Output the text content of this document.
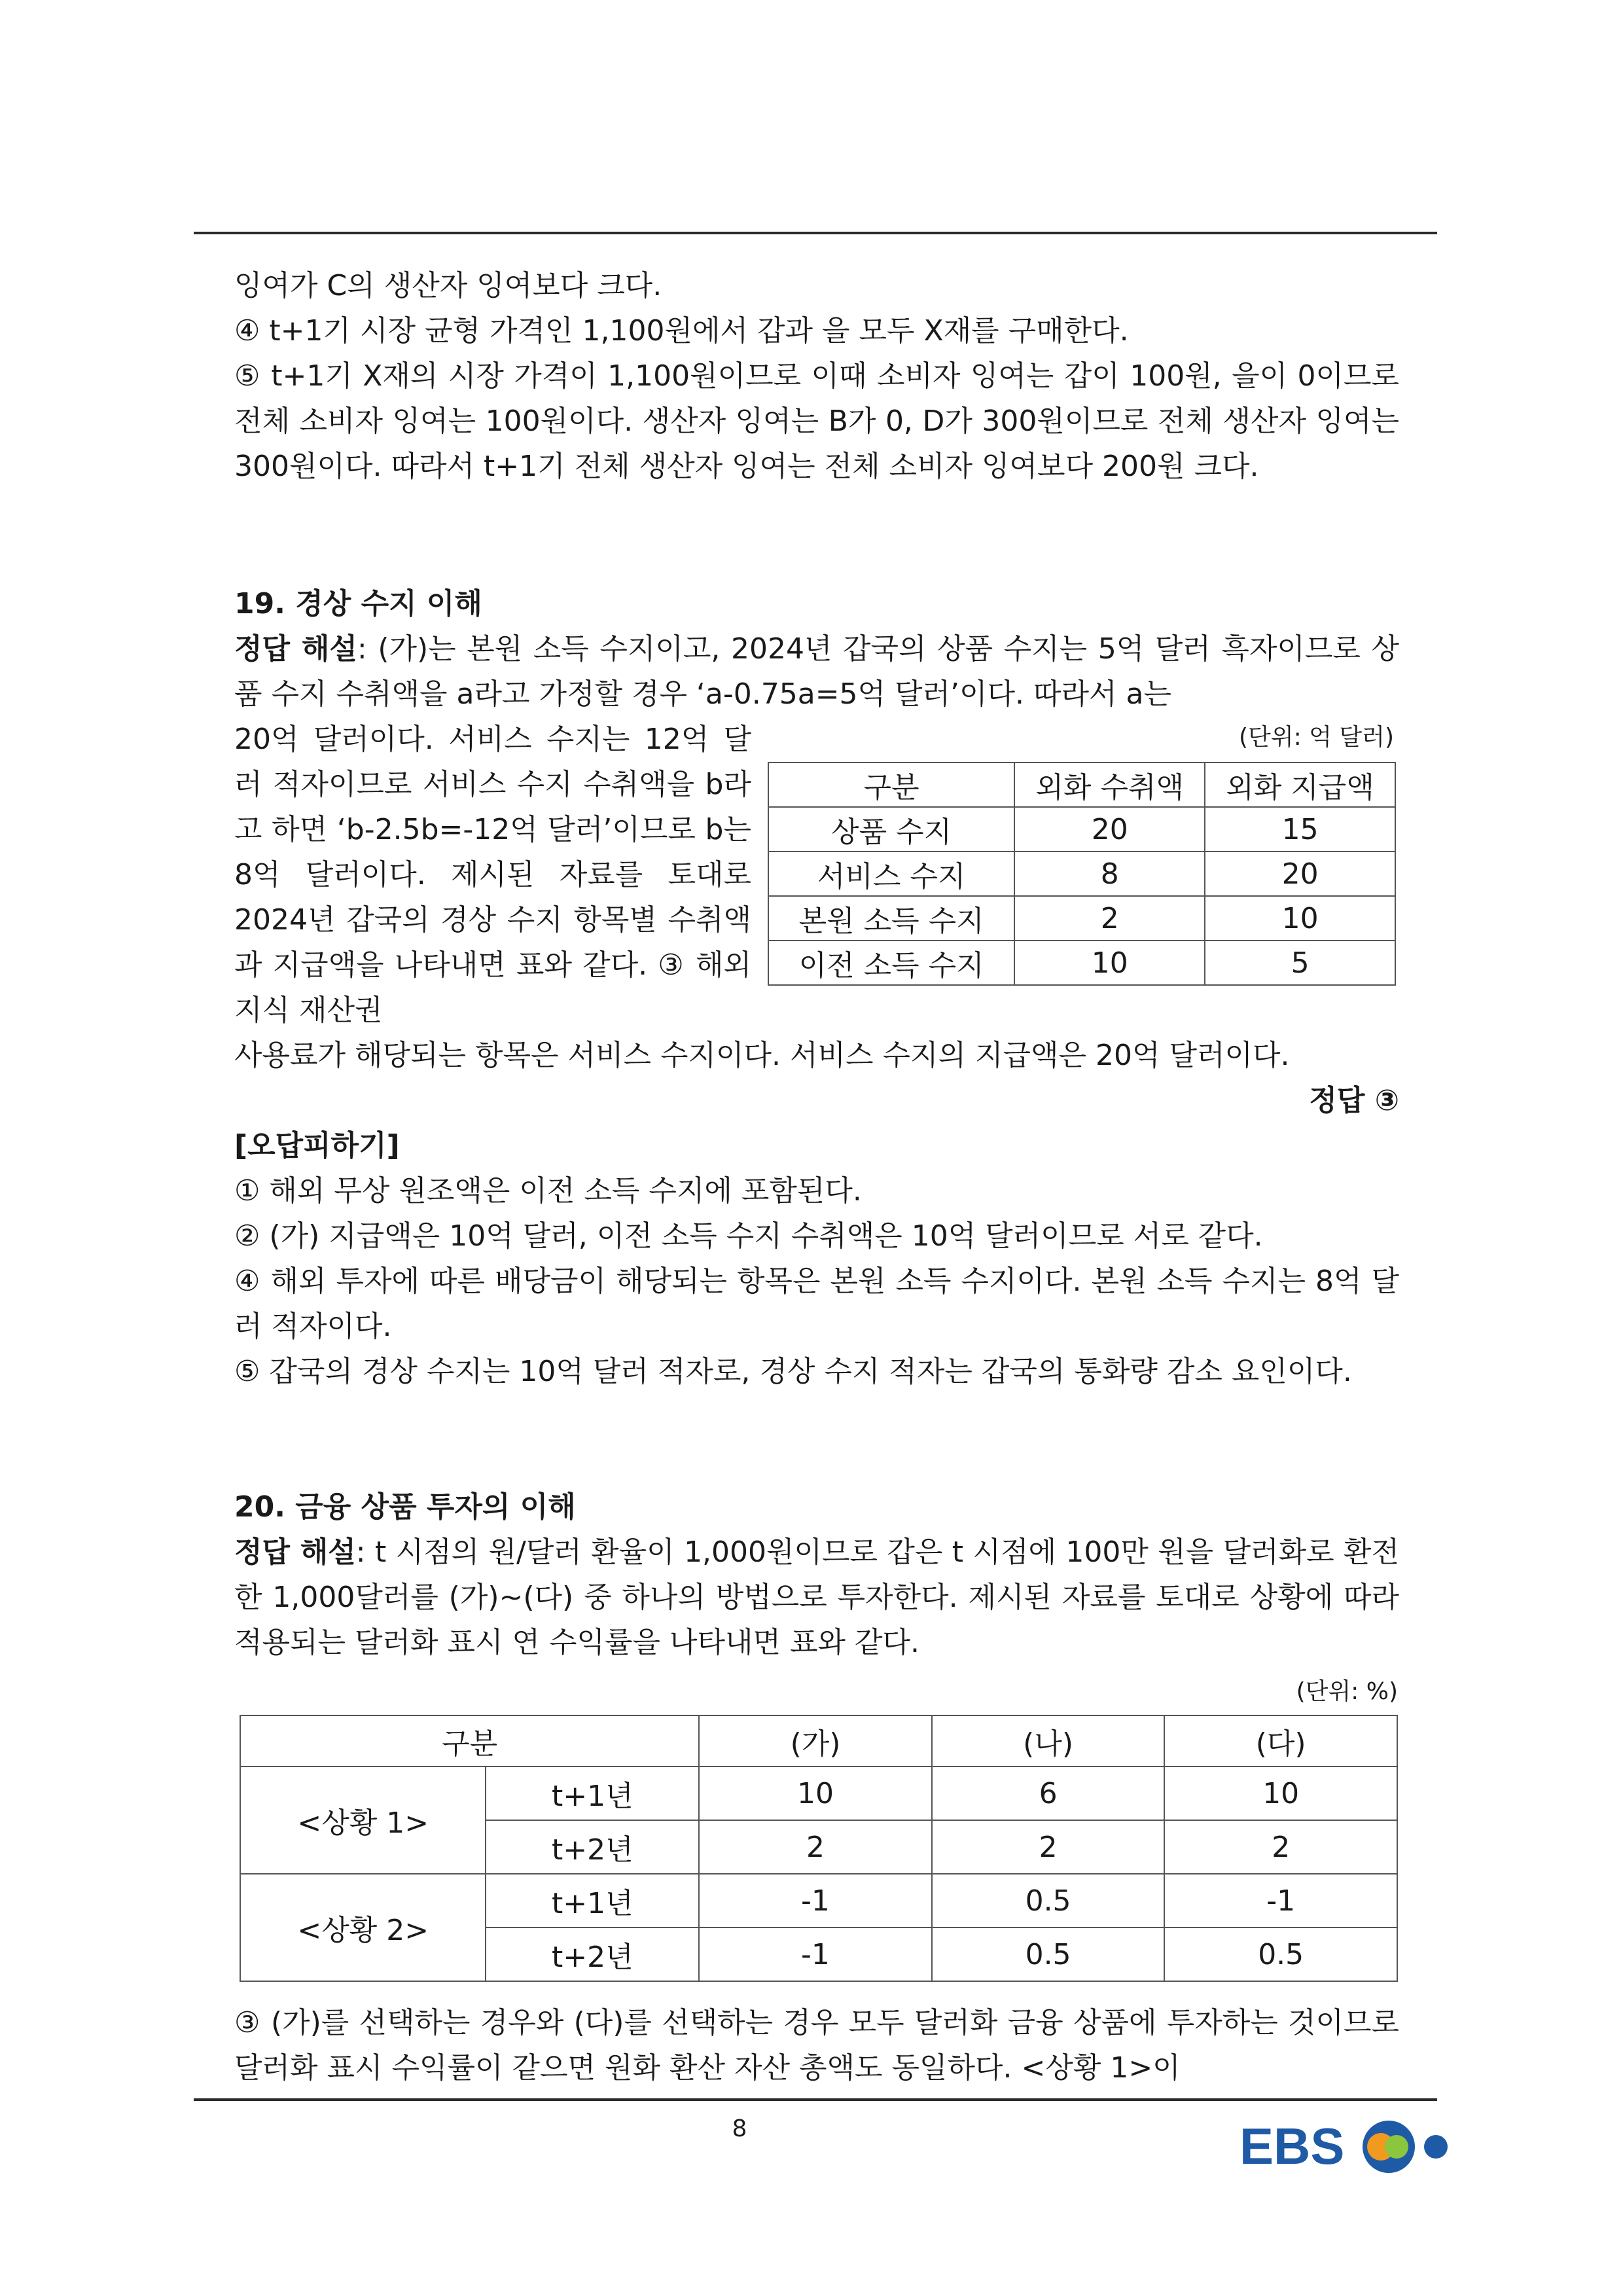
잉여가 C의 생산자 잉여보다 크다.
④ t+1기 시장 균형 가격인 1,100원에서 갑과 을 모두 X재를 구매한다.
⑤ t+1기 X재의 시장 가격이 1,100원이므로 이때 소비자 잉여는 갑이 100원, 을이 0이므로 전체 소비자 잉여는 100원이다. 생산자 잉여는 B가 0, D가 300원이므로 전체 생산자 잉여는 300원이다. 따라서 t+1기 전체 생산자 잉여는 전체 소비자 잉여보다 200원 크다.
19. 경상 수지 이해
정답 해설: (가)는 본원 소득 수지이고, 2024년 갑국의 상품 수지는 5억 달러 흑자이므로 상품 수지 수취액을 a라고 가정할 경우 ‘a-0.75a=5억 달러’이다. 따라서 a는
20억 달러이다. 서비스 수지는 12억 달러 적자이므로 서비스 수지 수취액을 b라고 하면 ‘b-2.5b=-12억 달러’이므로 b는 8억 달러이다. 제시된 자료를 토대로 2024년 갑국의 경상 수지 항목별 수취액과 지급액을 나타내면 표와 같다. ③ 해외 지식 재산권
(단위: 억 달러)
구분	외화 수취액	외화 지급액
상품 수지	20	15
서비스 수지	8	20
본원 소득 수지	2	10
이전 소득 수지	10	5
사용료가 해당되는 항목은 서비스 수지이다. 서비스 수지의 지급액은 20억 달러이다.
정답 ③
[오답피하기]
① 해외 무상 원조액은 이전 소득 수지에 포함된다.
② (가) 지급액은 10억 달러, 이전 소득 수지 수취액은 10억 달러이므로 서로 같다.
④ 해외 투자에 따른 배당금이 해당되는 항목은 본원 소득 수지이다. 본원 소득 수지는 8억 달러 적자이다.
⑤ 갑국의 경상 수지는 10억 달러 적자로, 경상 수지 적자는 갑국의 통화량 감소 요인이다.
20. 금융 상품 투자의 이해
정답 해설: t 시점의 원/달러 환율이 1,000원이므로 갑은 t 시점에 100만 원을 달러화로 환전한 1,000달러를 (가)~(다) 중 하나의 방법으로 투자한다. 제시된 자료를 토대로 상황에 따라 적용되는 달러화 표시 연 수익률을 나타내면 표와 같다.
(단위: %)
구분		(가)	(나)	(다)
<상황 1>	t+1년	10	6	10
	t+2년	2	2	2
<상황 2>	t+1년	-1	0.5	-1
	t+2년	-1	0.5	0.5
③ (가)를 선택하는 경우와 (다)를 선택하는 경우 모두 달러화 금융 상품에 투자하는 것이므로 달러화 표시 수익률이 같으면 원화 환산 자산 총액도 동일하다. <상황 1>이
8	EBS
